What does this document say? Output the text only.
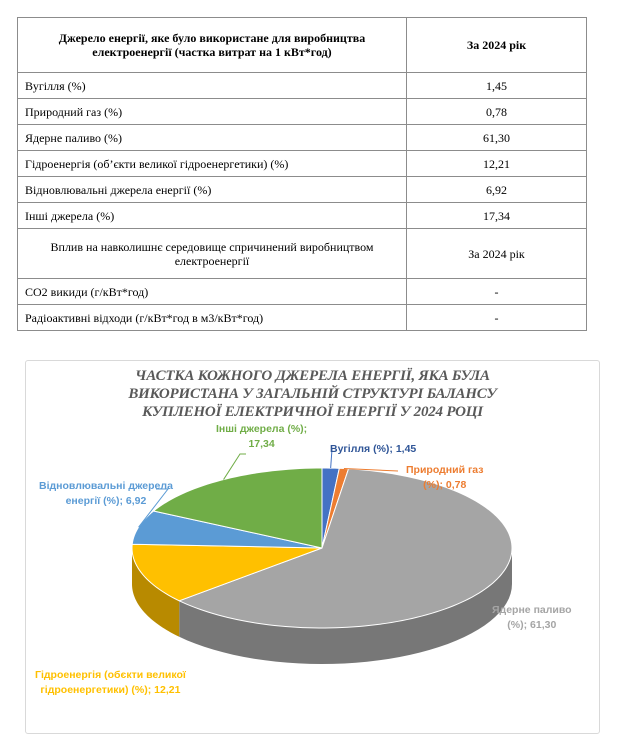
Джерело енергії, яке було використане для виробництва електроенергії (частка витрат на 1 кВт*год)	За 2024 рік
Вугілля (%)	1,45
Природний газ (%)	0,78
Ядерне паливо (%)	61,30
Гідроенергія (об’єкти великої гідроенергетики) (%)	12,21
Відновлювальні джерела енергії (%)	6,92
Інші джерела (%)	17,34
Вплив на навколишнє середовище спричинений виробництвом електроенергії	За 2024 рік
СО2 викиди (г/кВт*год)	-
Радіоактивні відходи (г/кВт*год в м3/кВт*год)	-
ЧАСТКА КОЖНОГО ДЖЕРЕЛА ЕНЕРГІЇ, ЯКА БУЛА
ВИКОРИСТАНА У ЗАГАЛЬНІЙ СТРУКТУРІ БАЛАНСУ
КУПЛЕНОЇ ЕЛЕКТРИЧНОЇ ЕНЕРГІЇ У 2024 РОЦІ
Вугілля (%); 1,45
Природний газ
(%); 0,78
Ядерне паливо
(%); 61,30
Гідроенергія (обєкти великої
гідроенергетики) (%); 12,21
Відновлювальні джерела
енергії (%); 6,92
Інші джерела (%);
17,34
